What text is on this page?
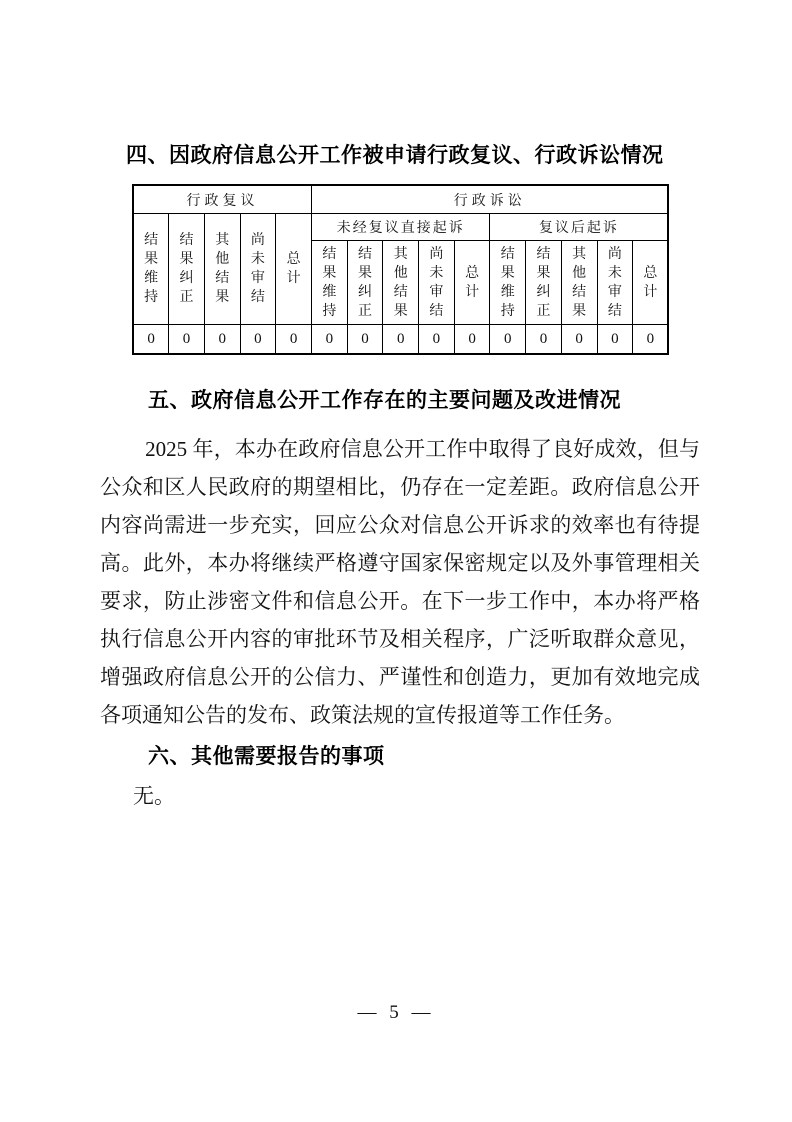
四、因政府信息公开工作被申请行政复议、行政诉讼情况
行政复议					行政诉讼									
结果维持	结果纠正	其他结果	尚未审结	总计	未经复议直接起诉					复议后起诉				
					结果维持	结果纠正	其他结果	尚未审结	总计	结果维持	结果纠正	其他结果	尚未审结	总计
0	0	0	0	0	0	0	0	0	0	0	0	0	0	0
五、政府信息公开工作存在的主要问题及改进情况

2025 年，本办在政府信息公开工作中取得了良好成效，但与公众和区人民政府的期望相比，仍存在一定差距。政府信息公开内容尚需进一步充实，回应公众对信息公开诉求的效率也有待提高。此外，本办将继续严格遵守国家保密规定以及外事管理相关要求，防止涉密文件和信息公开。在下一步工作中，本办将严格执行信息公开内容的审批环节及相关程序，广泛听取群众意见，增强政府信息公开的公信力、严谨性和创造力，更加有效地完成各项通知公告的发布、政策法规的宣传报道等工作任务。

六、其他需要报告的事项
无。
— 5 —
